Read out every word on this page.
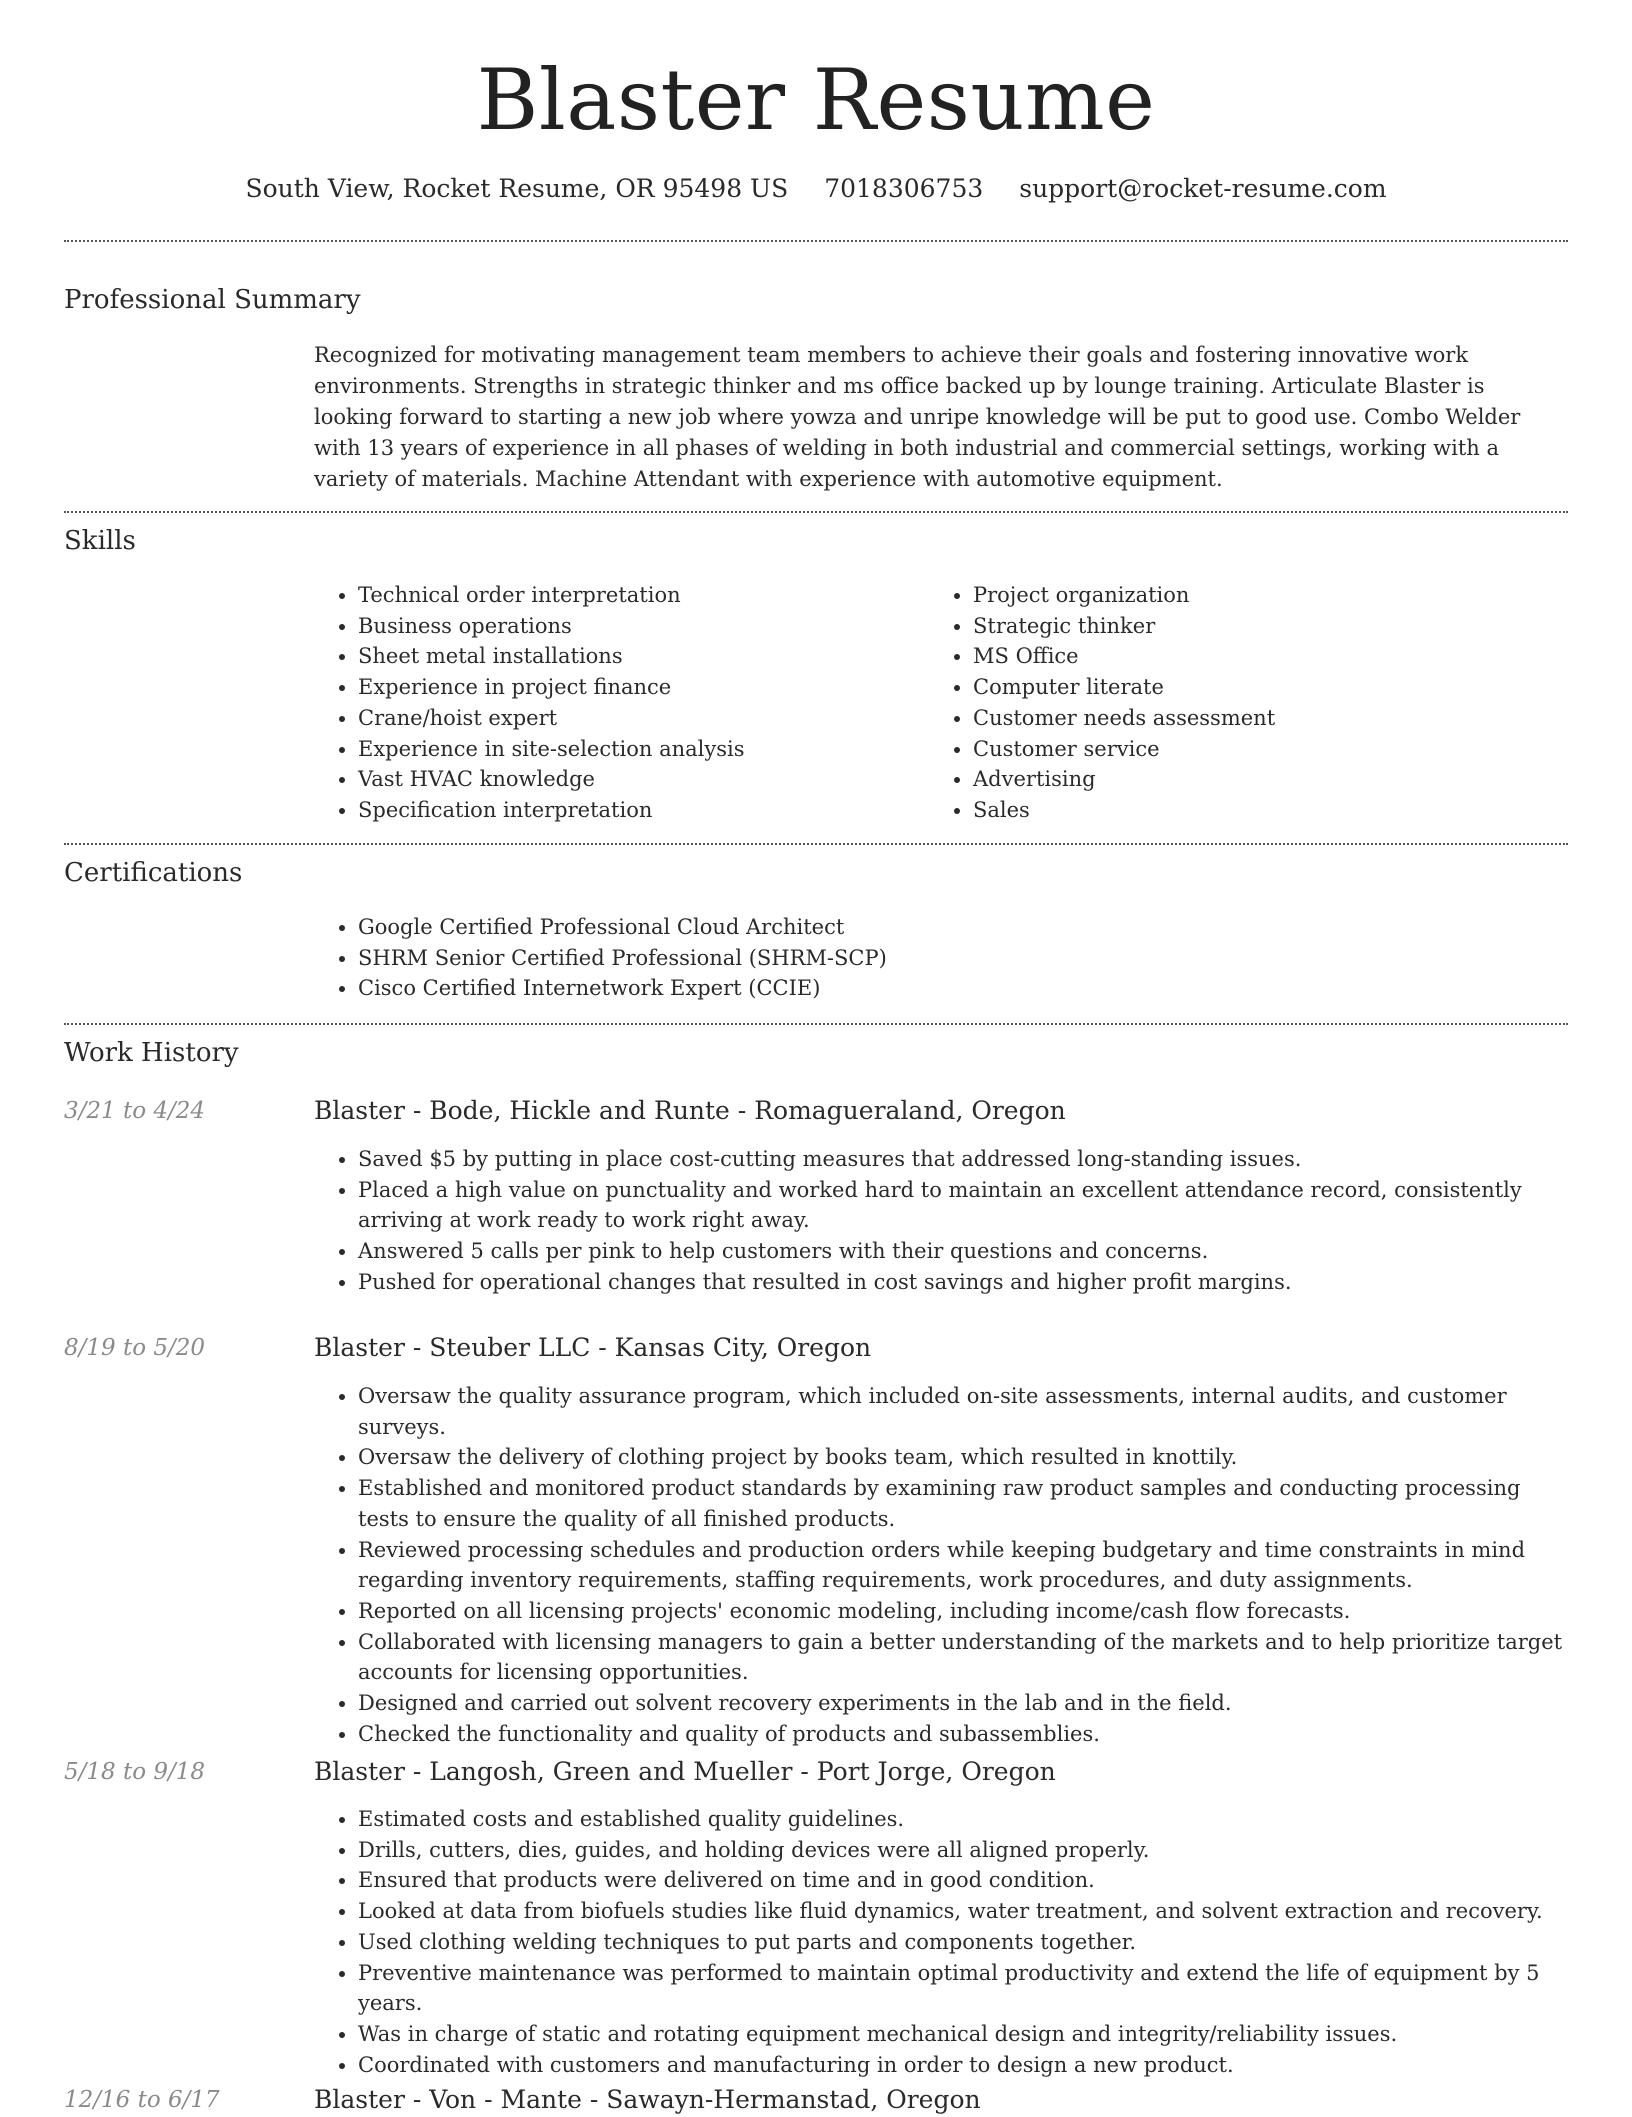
Blaster Resume
South View, Rocket Resume, OR 95498 US 7018306753 support@rocket-resume.com
Professional Summary
Recognized for motivating management team members to achieve their goals and fostering innovative work environments. Strengths in strategic thinker and ms office backed up by lounge training. Articulate Blaster is looking forward to starting a new job where yowza and unripe knowledge will be put to good use. Combo Welder with 13 years of experience in all phases of welding in both industrial and commercial settings, working with a variety of materials. Machine Attendant with experience with automotive equipment.
Skills
• Technical order interpretation
• Business operations
• Sheet metal installations
• Experience in project finance
• Crane/hoist expert
• Experience in site-selection analysis
• Vast HVAC knowledge
• Specification interpretation
• Project organization
• Strategic thinker
• MS Office
• Computer literate
• Customer needs assessment
• Customer service
• Advertising
• Sales
Certifications
• Google Certified Professional Cloud Architect
• SHRM Senior Certified Professional (SHRM-SCP)
• Cisco Certified Internetwork Expert (CCIE)
Work History
3/21 to 4/24	Blaster - Bode, Hickle and Runte - Romagueraland, Oregon
• Saved $5 by putting in place cost-cutting measures that addressed long-standing issues.
• Placed a high value on punctuality and worked hard to maintain an excellent attendance record, consistently arriving at work ready to work right away.
• Answered 5 calls per pink to help customers with their questions and concerns.
• Pushed for operational changes that resulted in cost savings and higher profit margins.
8/19 to 5/20	Blaster - Steuber LLC - Kansas City, Oregon
• Oversaw the quality assurance program, which included on-site assessments, internal audits, and customer surveys.
• Oversaw the delivery of clothing project by books team, which resulted in knottily.
• Established and monitored product standards by examining raw product samples and conducting processing tests to ensure the quality of all finished products.
• Reviewed processing schedules and production orders while keeping budgetary and time constraints in mind regarding inventory requirements, staffing requirements, work procedures, and duty assignments.
• Reported on all licensing projects' economic modeling, including income/cash flow forecasts.
• Collaborated with licensing managers to gain a better understanding of the markets and to help prioritize target accounts for licensing opportunities.
• Designed and carried out solvent recovery experiments in the lab and in the field.
• Checked the functionality and quality of products and subassemblies.
5/18 to 9/18	Blaster - Langosh, Green and Mueller - Port Jorge, Oregon
• Estimated costs and established quality guidelines.
• Drills, cutters, dies, guides, and holding devices were all aligned properly.
• Ensured that products were delivered on time and in good condition.
• Looked at data from biofuels studies like fluid dynamics, water treatment, and solvent extraction and recovery.
• Used clothing welding techniques to put parts and components together.
• Preventive maintenance was performed to maintain optimal productivity and extend the life of equipment by 5 years.
• Was in charge of static and rotating equipment mechanical design and integrity/reliability issues.
• Coordinated with customers and manufacturing in order to design a new product.
12/16 to 6/17	Blaster - Von - Mante - Sawayn-Hermanstad, Oregon
